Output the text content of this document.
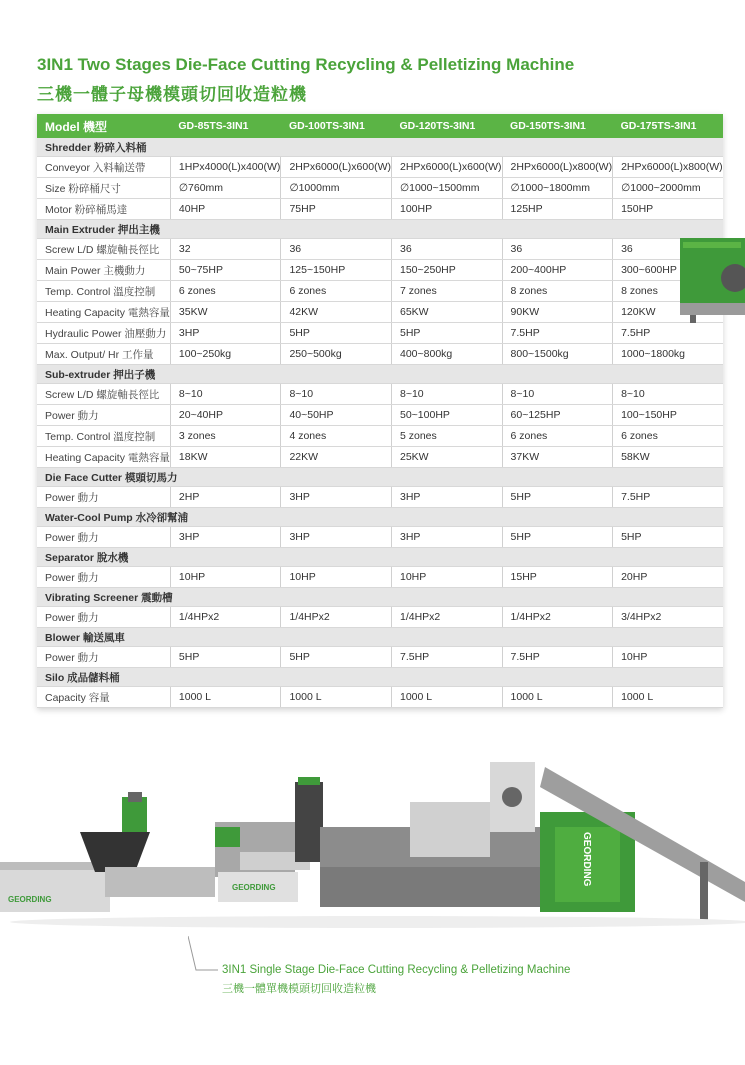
3IN1 Two Stages Die-Face Cutting Recycling & Pelletizing Machine
三機一體子母機模頭切回收造粒機
Model 機型	GD-85TS-3IN1	GD-100TS-3IN1	GD-120TS-3IN1	GD-150TS-3IN1	GD-175TS-3IN1
Shredder 粉碎入料桶					
Conveyor 入料輸送帶	1HPx4000(L)x400(W)	2HPx6000(L)x600(W)	2HPx6000(L)x600(W)	2HPx6000(L)x800(W)	2HPx6000(L)x800(W)
Size 粉碎桶尺寸	∅760mm	∅1000mm	∅1000~1500mm	∅1000~1800mm	∅1000~2000mm
Motor 粉碎桶馬達	40HP	75HP	100HP	125HP	150HP
Main Extruder 押出主機					
Screw L/D 螺旋軸長徑比	32	36	36	36	36
Main Power 主機動力	50~75HP	125~150HP	150~250HP	200~400HP	300~600HP
Temp. Control 溫度控制	6 zones	6 zones	7 zones	8 zones	8 zones
Heating Capacity 電熱容量	35KW	42KW	65KW	90KW	120KW
Hydraulic Power 油壓動力	3HP	5HP	5HP	7.5HP	7.5HP
Max. Output/ Hr 工作量	100~250kg	250~500kg	400~800kg	800~1500kg	1000~1800kg
Sub-extruder 押出子機					
Screw L/D 螺旋軸長徑比	8~10	8~10	8~10	8~10	8~10
Power 動力	20~40HP	40~50HP	50~100HP	60~125HP	100~150HP
Temp. Control 溫度控制	3 zones	4 zones	5 zones	6 zones	6 zones
Heating Capacity 電熱容量	18KW	22KW	25KW	37KW	58KW
Die Face Cutter 模頭切馬力					
Power 動力	2HP	3HP	3HP	5HP	7.5HP
Water-Cool Pump 水冷卻幫浦					
Power 動力	3HP	3HP	3HP	5HP	5HP
Separator 脫水機					
Power 動力	10HP	10HP	10HP	15HP	20HP
Vibrating Screener 震動槽					
Power 動力	1/4HPx2	1/4HPx2	1/4HPx2	1/4HPx2	3/4HPx2
Blower 輸送風車					
Power 動力	5HP	5HP	7.5HP	7.5HP	10HP
Silo 成品儲料桶					
Capacity 容量	1000 L	1000 L	1000 L	1000 L	1000 L
GEORDING
GEORDING
GEORDING
3IN1 Single Stage Die-Face Cutting Recycling & Pelletizing Machine
三機一體單機模頭切回收造粒機
